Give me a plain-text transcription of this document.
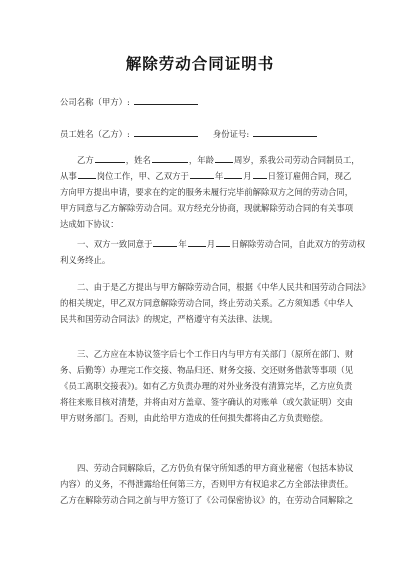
解除劳动合同证明书
公司名称（甲方）:
员工姓名（乙方）:	身份证号:
乙方	，姓名	，年龄 周岁，系我公司劳动合同制员工，
从事 岗位工作，甲、乙双方于	年 月 日签订雇佣合同，现乙
方向甲方提出申请，要求在约定的服务未履行完毕前解除双方之间的劳动合同，
甲方同意与乙方解除劳动合同。双方经充分协商，现就解除劳动合同的有关事项
达成如下协议：
一、双方一致同意于	年 月 日解除劳动合同，自此双方的劳动权
利义务终止。
二、由于是乙方提出与甲方解除劳动合同，根据《中华人民共和国劳动合同法》
的相关规定，甲乙双方同意解除劳动合同，终止劳动关系。乙方须知悉《中华人
民共和国劳动合同法》的规定，严格遵守有关法律、法规。
三、乙方应在本协议签字后七个工作日内与甲方有关部门（原所在部门、财
务、后勤等）办理完工作交接、物品归还、财务交接、交还财务借款等事项（见
《员工离职交接表》)。如有乙方负责办理的对外业务没有清算完毕，乙方应负责
将往来账目核对清楚，并将由对方盖章、签字确认的对账单（或欠款证明）交由
甲方财务部门。否则，由此给甲方造成的任何损失都将由乙方负责赔偿。
四、劳动合同解除后，乙方仍负有保守所知悉的甲方商业秘密（包括本协议
内容）的义务，不得泄露给任何第三方，否则甲方有权追求乙方全部法律责任。
乙方在解除劳动合同之前与甲方签订了《公司保密协议》的，在劳动合同解除之
